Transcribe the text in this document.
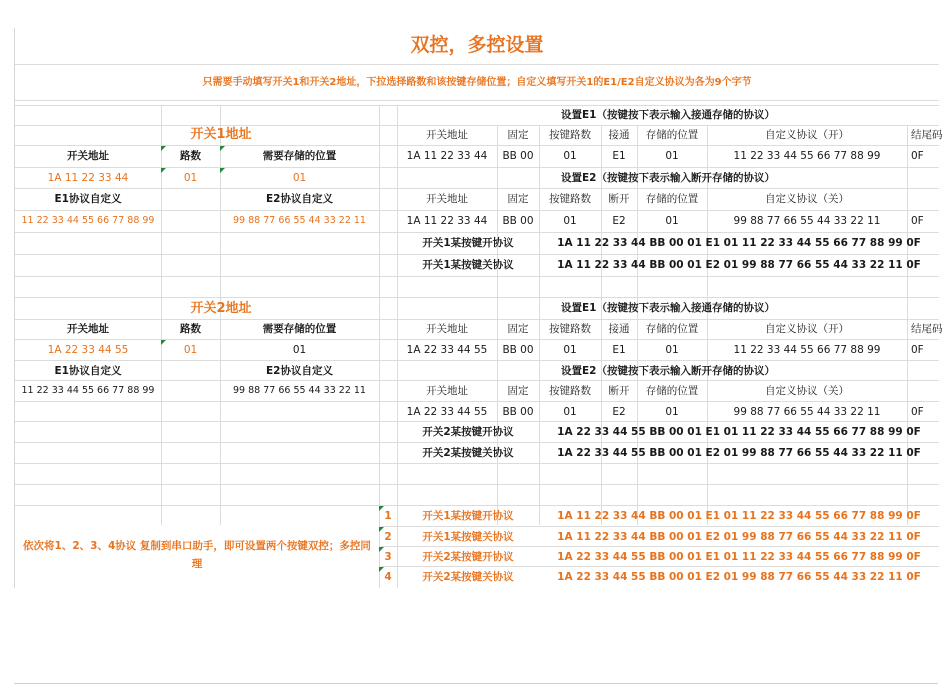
双控，多控设置
只需要手动填写开关1和开关2地址，下拉选择路数和该按键存储位置；自定义填写开关1的E1/E2自定义协议为各为9个字节
开关1地址
开关地址	路数	需要存储的位置
1A 11 22 33 44	01	01
E1协议自定义	E2协议自定义
11 22 33 44 55 66 77 88 99	99 88 77 66 55 44 33 22 11
开关2地址
开关地址	路数	需要存储的位置
1A 22 33 44 55	01	01
E1协议自定义	E2协议自定义
11 22 33 44 55 66 77 88 99	99 88 77 66 55 44 33 22 11
设置E1（按键按下表示输入接通存储的协议）
开关地址	固定	按键路数	接通	存储的位置	自定义协议（开）	结尾码
1A 11 22 33 44	BB 00	01	E1	01	11 22 33 44 55 66 77 88 99	0F
设置E2（按键按下表示输入断开存储的协议）
开关地址	固定	按键路数	断开	存储的位置	自定义协议（关）
1A 11 22 33 44	BB 00	01	E2	01	99 88 77 66 55 44 33 22 11	0F
开关1某按键开协议	1A 11 22 33 44 BB 00 01 E1 01 11 22 33 44 55 66 77 88 99 0F
开关1某按键关协议	1A 11 22 33 44 BB 00 01 E2 01 99 88 77 66 55 44 33 22 11 0F
设置E1（按键按下表示输入接通存储的协议）
开关地址	固定	按键路数	接通	存储的位置	自定义协议（开）	结尾码
1A 22 33 44 55	BB 00	01	E1	01	11 22 33 44 55 66 77 88 99	0F
设置E2（按键按下表示输入断开存储的协议）
开关地址	固定	按键路数	断开	存储的位置	自定义协议（关）
1A 22 33 44 55	BB 00	01	E2	01	99 88 77 66 55 44 33 22 11	0F
开关2某按键开协议	1A 22 33 44 55 BB 00 01 E1 01 11 22 33 44 55 66 77 88 99 0F
开关2某按键关协议	1A 22 33 44 55 BB 00 01 E2 01 99 88 77 66 55 44 33 22 11 0F
依次将1、2、3、4协议 复制到串口助手，即可设置两个按键双控；多控同理
1	开关1某按键开协议	1A 11 22 33 44 BB 00 01 E1 01 11 22 33 44 55 66 77 88 99 0F
2	开关1某按键关协议	1A 11 22 33 44 BB 00 01 E2 01 99 88 77 66 55 44 33 22 11 0F
3	开关2某按键开协议	1A 22 33 44 55 BB 00 01 E1 01 11 22 33 44 55 66 77 88 99 0F
4	开关2某按键关协议	1A 22 33 44 55 BB 00 01 E2 01 99 88 77 66 55 44 33 22 11 0F
